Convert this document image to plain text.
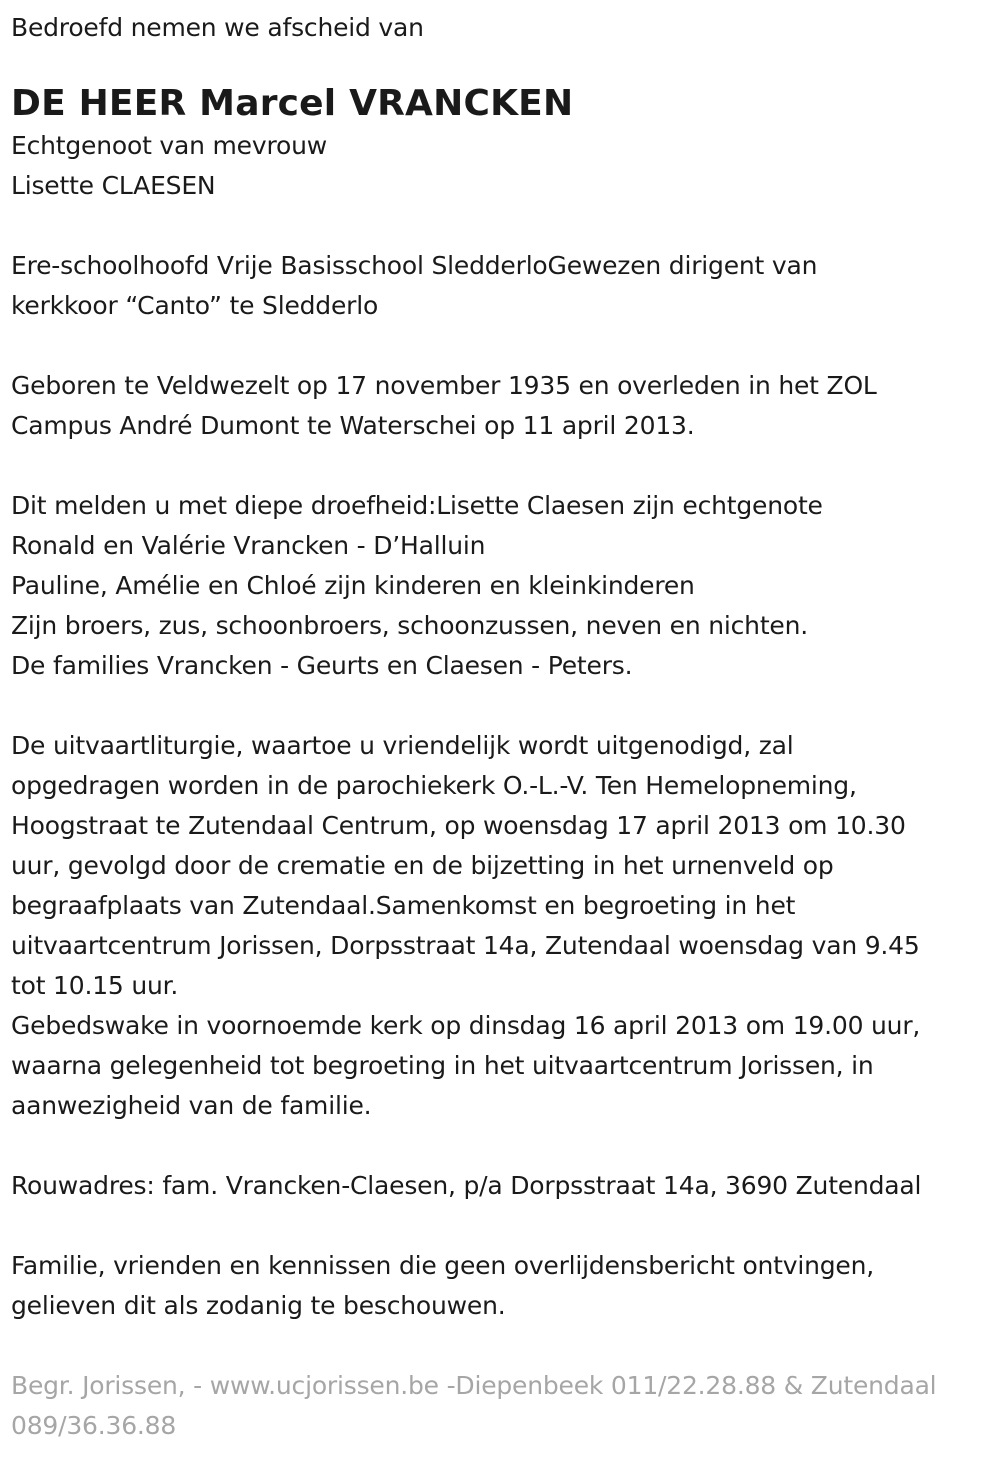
Bedroefd nemen we afscheid van
DE HEER Marcel VRANCKEN
Echtgenoot van mevrouw
Lisette CLAESEN
Ere-schoolhoofd Vrije Basisschool SledderloGewezen dirigent van
kerkkoor “Canto” te Sledderlo
Geboren te Veldwezelt op 17 november 1935 en overleden in het ZOL
Campus André Dumont te Waterschei op 11 april 2013.
Dit melden u met diepe droefheid:Lisette Claesen zijn echtgenote
Ronald en Valérie Vrancken - D’Halluin
Pauline, Amélie en Chloé zijn kinderen en kleinkinderen
Zijn broers, zus, schoonbroers, schoonzussen, neven en nichten.
De families Vrancken - Geurts en Claesen - Peters.
De uitvaartliturgie, waartoe u vriendelijk wordt uitgenodigd, zal
opgedragen worden in de parochiekerk O.-L.-V. Ten Hemelopneming,
Hoogstraat te Zutendaal Centrum, op woensdag 17 april 2013 om 10.30
uur, gevolgd door de crematie en de bijzetting in het urnenveld op
begraafplaats van Zutendaal.Samenkomst en begroeting in het
uitvaartcentrum Jorissen, Dorpsstraat 14a, Zutendaal woensdag van 9.45
tot 10.15 uur.
Gebedswake in voornoemde kerk op dinsdag 16 april 2013 om 19.00 uur,
waarna gelegenheid tot begroeting in het uitvaartcentrum Jorissen, in
aanwezigheid van de familie.
Rouwadres: fam. Vrancken-Claesen, p/a Dorpsstraat 14a, 3690 Zutendaal
Familie, vrienden en kennissen die geen overlijdensbericht ontvingen,
gelieven dit als zodanig te beschouwen.
Begr. Jorissen, - www.ucjorissen.be -Diepenbeek 011/22.28.88 & Zutendaal
089/36.36.88
